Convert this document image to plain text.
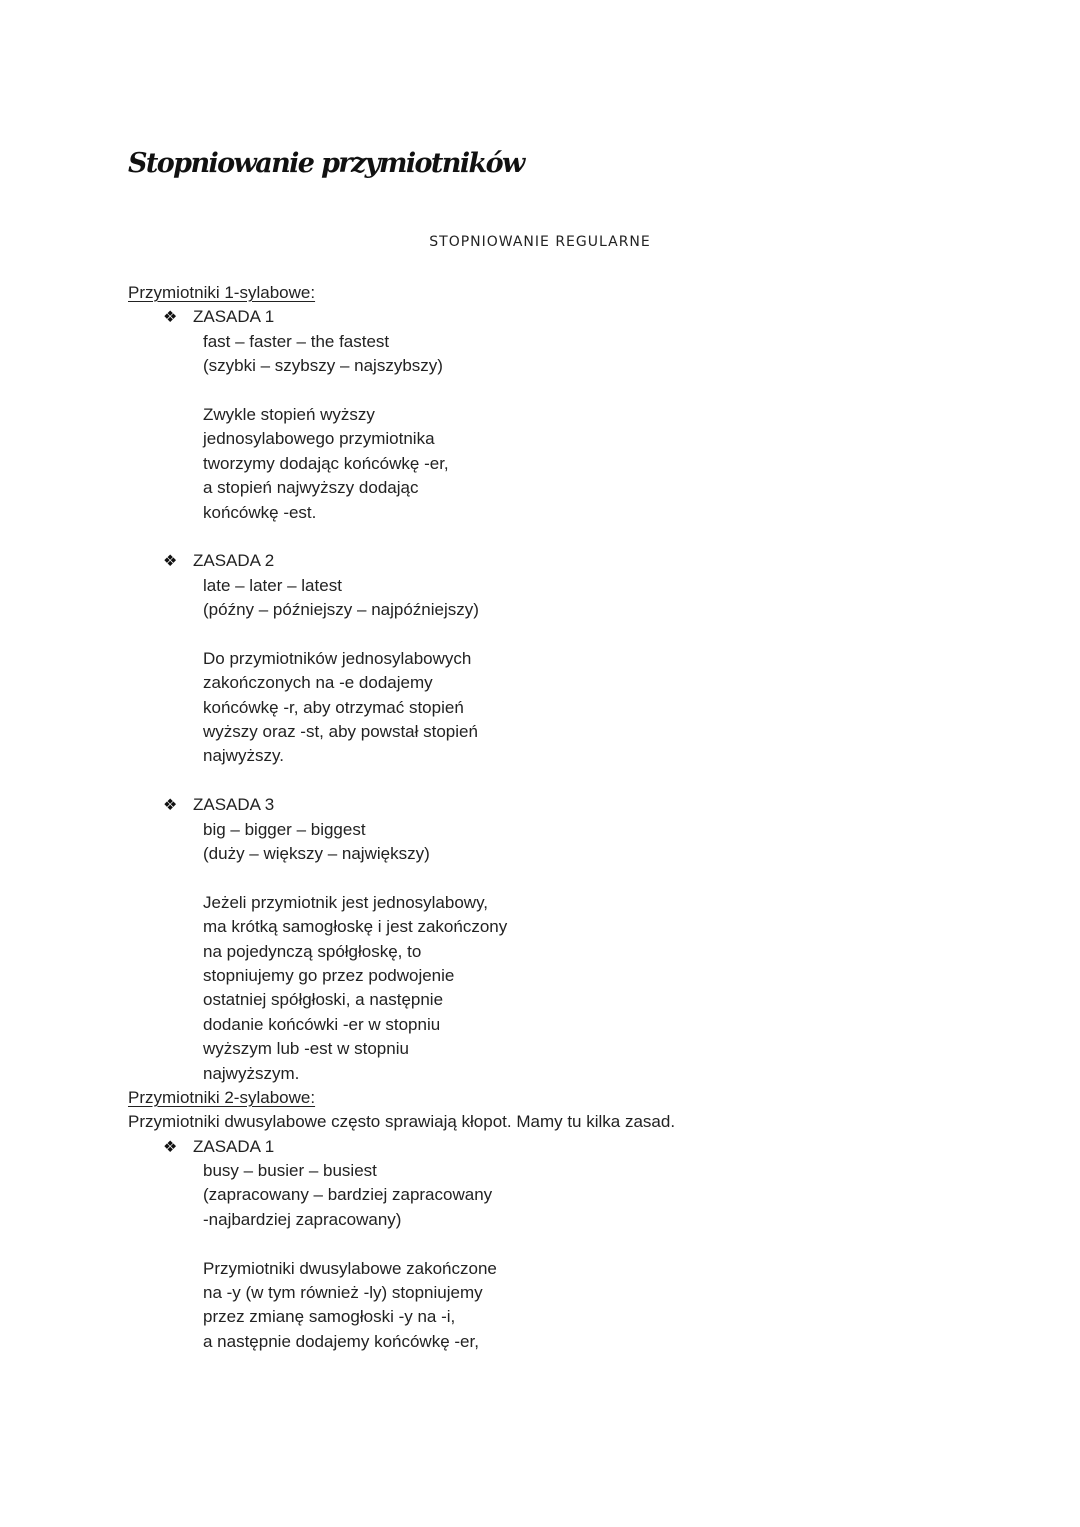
Stopniowanie przymiotników
STOPNIOWANIE REGULARNE
Przymiotniki 1-sylabowe:
❖ ZASADA 1
fast – faster – the fastest
(szybki – szybszy – najszybszy)
Zwykle stopień wyższy
jednosylabowego przymiotnika
tworzymy dodając końcówkę -er,
a stopień najwyższy dodając
końcówkę -est.
❖ ZASADA 2
late – later – latest
(późny – późniejszy – najpóźniejszy)
Do przymiotników jednosylabowych
zakończonych na -e dodajemy
końcówkę -r, aby otrzymać stopień
wyższy oraz -st, aby powstał stopień
najwyższy.
❖ ZASADA 3
big – bigger – biggest
(duży – większy – największy)
Jeżeli przymiotnik jest jednosylabowy,
ma krótką samogłoskę i jest zakończony
na pojedynczą spółgłoskę, to
stopniujemy go przez podwojenie
ostatniej spółgłoski, a następnie
dodanie końcówki -er w stopniu
wyższym lub -est w stopniu
najwyższym.
Przymiotniki 2-sylabowe:
Przymiotniki dwusylabowe często sprawiają kłopot. Mamy tu kilka zasad.
❖ ZASADA 1
busy – busier – busiest
(zapracowany – bardziej zapracowany
-najbardziej zapracowany)
Przymiotniki dwusylabowe zakończone
na -y (w tym również -ly) stopniujemy
przez zmianę samogłoski -y na -i,
a następnie dodajemy końcówkę -er,
